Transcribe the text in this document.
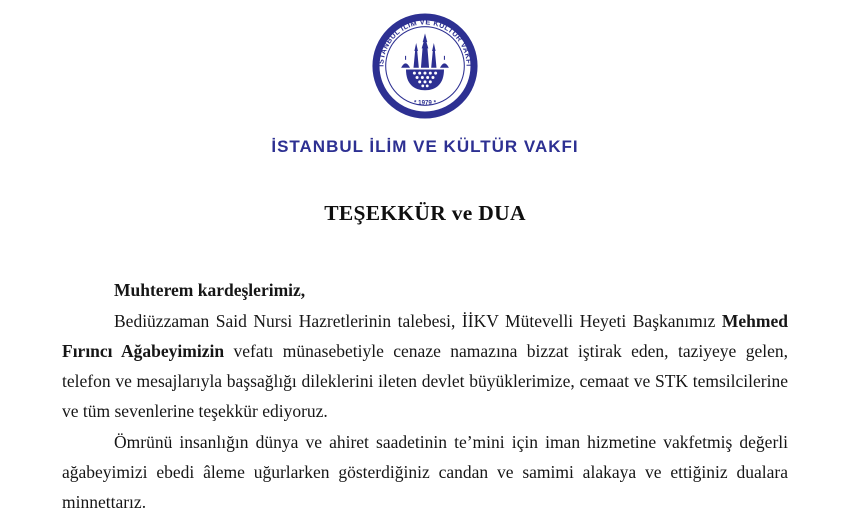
İSTANBUL İLİM VE KÜLTÜR VAKFI
* 1979 *
İSTANBUL İLİM VE KÜLTÜR VAKFI
TEŞEKKÜR ve DUA

Muhterem kardeşlerimiz,

Bediüzzaman Said Nursi Hazretlerinin talebesi, İİKV Mütevelli Heyeti Başkanımız Mehmed Fırıncı Ağabeyimizin vefatı münasebetiyle cenaze namazına bizzat iştirak eden, taziyeye gelen, telefon ve mesajlarıyla başsağlığı dileklerini ileten devlet büyüklerimize, cemaat ve STK temsilcilerine ve tüm sevenlerine teşekkür ediyoruz.

Ömrünü insanlığın dünya ve ahiret saadetinin te’mini için iman hizmetine vakfetmiş değerli ağabeyimizi ebedi âleme uğurlarken gösterdiğiniz candan ve samimi alakaya ve ettiğiniz dualara minnettarız.
